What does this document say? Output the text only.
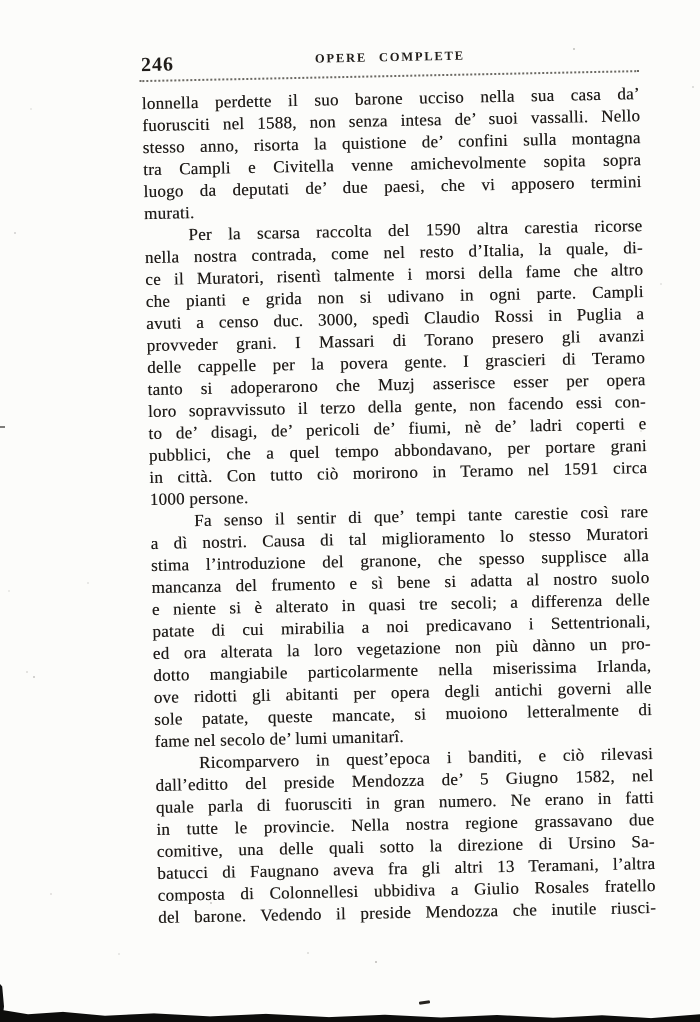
246	OPERE COMPLETE
lonnella perdette il suo barone ucciso nella sua casa da’
fuorusciti nel 1588, non senza intesa de’ suoi vassalli. Nello
stesso anno, risorta la quistione de’ confini sulla montagna
tra Campli e Civitella venne amichevolmente sopita sopra
luogo da deputati de’ due paesi, che vi apposero termini
murati.
Per la scarsa raccolta del 1590 altra carestia ricorse
nella nostra contrada, come nel resto d’Italia, la quale, di-
ce il Muratori, risentì talmente i morsi della fame che altro
che pianti e grida non si udivano in ogni parte. Campli
avuti a censo duc. 3000, spedì Claudio Rossi in Puglia a
provveder grani. I Massari di Torano presero gli avanzi
delle cappelle per la povera gente. I grascieri di Teramo
tanto si adoperarono che Muzj asserisce esser per opera
loro sopravvissuto il terzo della gente, non facendo essi con-
to de’ disagi, de’ pericoli de’ fiumi, nè de’ ladri coperti e
pubblici, che a quel tempo abbondavano, per portare grani
in città. Con tutto ciò morirono in Teramo nel 1591 circa
1000 persone.
Fa senso il sentir di que’ tempi tante carestie così rare
a dì nostri. Causa di tal miglioramento lo stesso Muratori
stima l’introduzione del granone, che spesso supplisce alla
mancanza del frumento e sì bene si adatta al nostro suolo
e niente si è alterato in quasi tre secoli; a differenza delle
patate di cui mirabilia a noi predicavano i Settentrionali,
ed ora alterata la loro vegetazione non più dànno un pro-
dotto mangiabile particolarmente nella miserissima Irlanda,
ove ridotti gli abitanti per opera degli antichi governi alle
sole patate, queste mancate, si muoiono letteralmente di
fame nel secolo de’ lumi umanitarî.
Ricomparvero in quest’epoca i banditi, e ciò rilevasi
dall’editto del preside Mendozza de’ 5 Giugno 1582, nel
quale parla di fuorusciti in gran numero. Ne erano in fatti
in tutte le provincie. Nella nostra regione grassavano due
comitive, una delle quali sotto la direzione di Ursino Sa-
batucci di Faugnano aveva fra gli altri 13 Teramani, l’altra
composta di Colonnellesi ubbidiva a Giulio Rosales fratello
del barone. Vedendo il preside Mendozza che inutile riusci-
